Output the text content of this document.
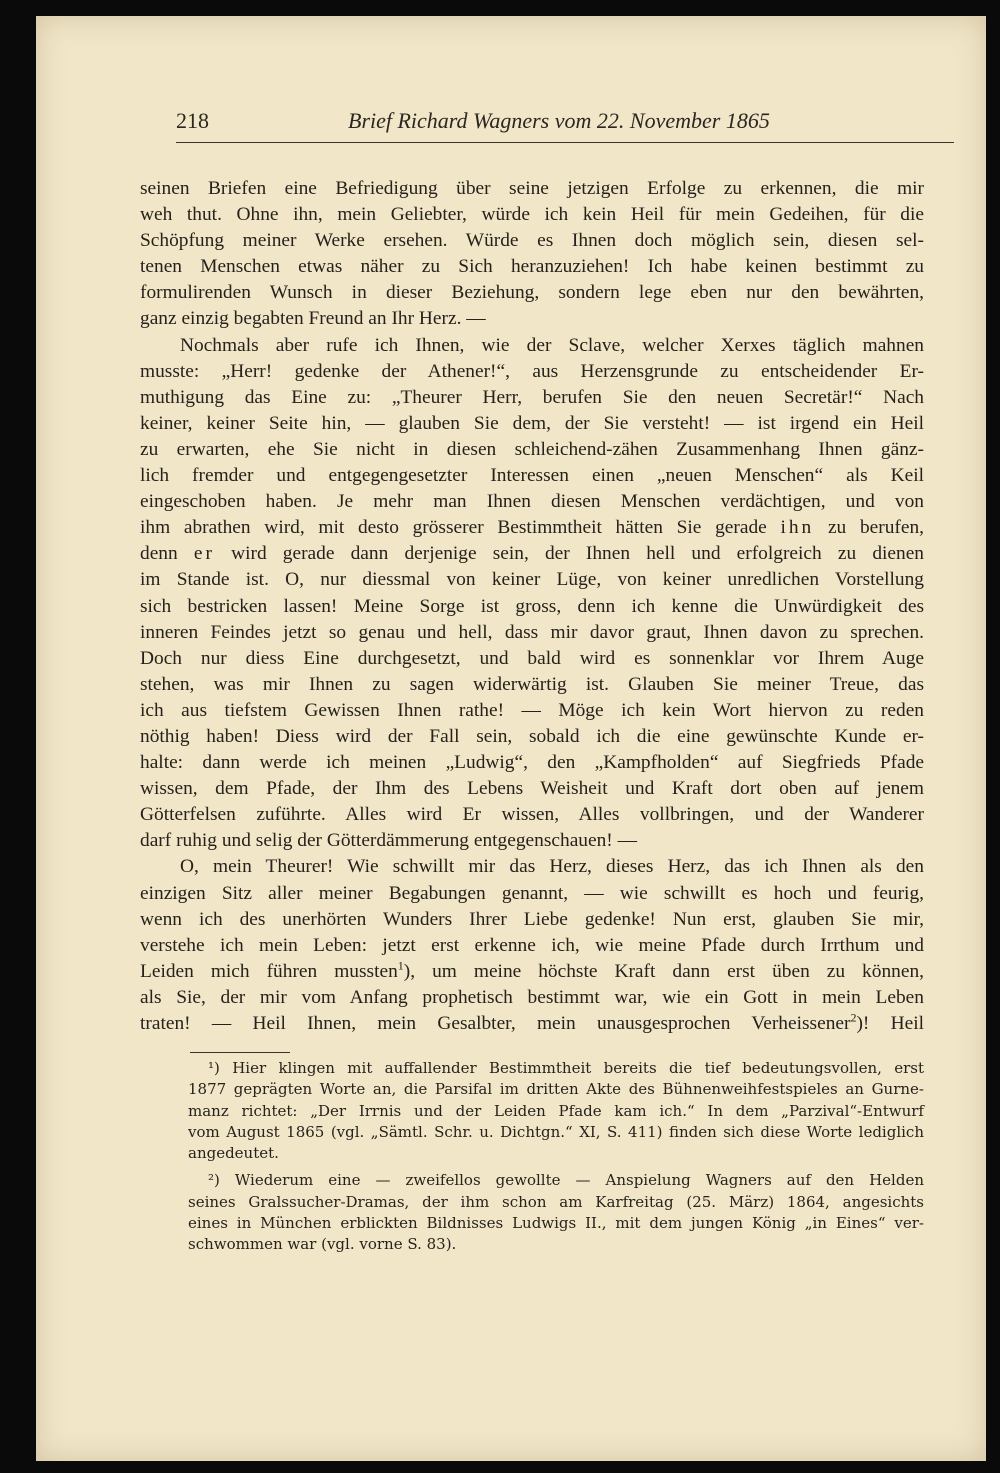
218	Brief Richard Wagners vom 22. November 1865
seinen Briefen eine Befriedigung über seine jetzigen Erfolge zu erkennen, die mir
weh thut. Ohne ihn, mein Geliebter, würde ich kein Heil für mein Gedeihen, für die
Schöpfung meiner Werke ersehen. Würde es Ihnen doch möglich sein, diesen sel-
tenen Menschen etwas näher zu Sich heranzuziehen! Ich habe keinen bestimmt zu
formulirenden Wunsch in dieser Beziehung, sondern lege eben nur den bewährten,
ganz einzig begabten Freund an Ihr Herz. —
Nochmals aber rufe ich Ihnen, wie der Sclave, welcher Xerxes täglich mahnen
musste: „Herr! gedenke der Athener!“, aus Herzensgrunde zu entscheidender Er-
muthigung das Eine zu: „Theurer Herr, berufen Sie den neuen Secretär!“ Nach
keiner, keiner Seite hin, — glauben Sie dem, der Sie versteht! — ist irgend ein Heil
zu erwarten, ehe Sie nicht in diesen schleichend-zähen Zusammenhang Ihnen gänz-
lich fremder und entgegengesetzter Interessen einen „neuen Menschen“ als Keil
eingeschoben haben. Je mehr man Ihnen diesen Menschen verdächtigen, und von
ihm abrathen wird, mit desto grösserer Bestimmtheit hätten Sie gerade ihn zu berufen,
denn er wird gerade dann derjenige sein, der Ihnen hell und erfolgreich zu dienen
im Stande ist. O, nur diessmal von keiner Lüge, von keiner unredlichen Vorstellung
sich bestricken lassen! Meine Sorge ist gross, denn ich kenne die Unwürdigkeit des
inneren Feindes jetzt so genau und hell, dass mir davor graut, Ihnen davon zu sprechen.
Doch nur diess Eine durchgesetzt, und bald wird es sonnenklar vor Ihrem Auge
stehen, was mir Ihnen zu sagen widerwärtig ist. Glauben Sie meiner Treue, das
ich aus tiefstem Gewissen Ihnen rathe! — Möge ich kein Wort hiervon zu reden
nöthig haben! Diess wird der Fall sein, sobald ich die eine gewünschte Kunde er-
halte: dann werde ich meinen „Ludwig“, den „Kampfholden“ auf Siegfrieds Pfade
wissen, dem Pfade, der Ihm des Lebens Weisheit und Kraft dort oben auf jenem
Götterfelsen zuführte. Alles wird Er wissen, Alles vollbringen, und der Wanderer
darf ruhig und selig der Götterdämmerung entgegenschauen! —
O, mein Theurer! Wie schwillt mir das Herz, dieses Herz, das ich Ihnen als den
einzigen Sitz aller meiner Begabungen genannt, — wie schwillt es hoch und feurig,
wenn ich des unerhörten Wunders Ihrer Liebe gedenke! Nun erst, glauben Sie mir,
verstehe ich mein Leben: jetzt erst erkenne ich, wie meine Pfade durch Irrthum und
Leiden mich führen mussten$^1$), um meine höchste Kraft dann erst üben zu können,
als Sie, der mir vom Anfang prophetisch bestimmt war, wie ein Gott in mein Leben
traten! — Heil Ihnen, mein Gesalbter, mein unausgesprochen Verheissener$^2$)! Heil
¹) Hier klingen mit auffallender Bestimmtheit bereits die tief bedeutungsvollen, erst
1877 geprägten Worte an, die Parsifal im dritten Akte des Bühnenweihfestspieles an Gurne-
manz richtet: „Der Irrnis und der Leiden Pfade kam ich.“ In dem „Parzival“-Entwurf
vom August 1865 (vgl. „Sämtl. Schr. u. Dichtgn.“ XI, S. 411) finden sich diese Worte lediglich
angedeutet.
²) Wiederum eine — zweifellos gewollte — Anspielung Wagners auf den Helden
seines Gralssucher-Dramas, der ihm schon am Karfreitag (25. März) 1864, angesichts
eines in München erblickten Bildnisses Ludwigs II., mit dem jungen König „in Eines“ ver-
schwommen war (vgl. vorne S. 83).
